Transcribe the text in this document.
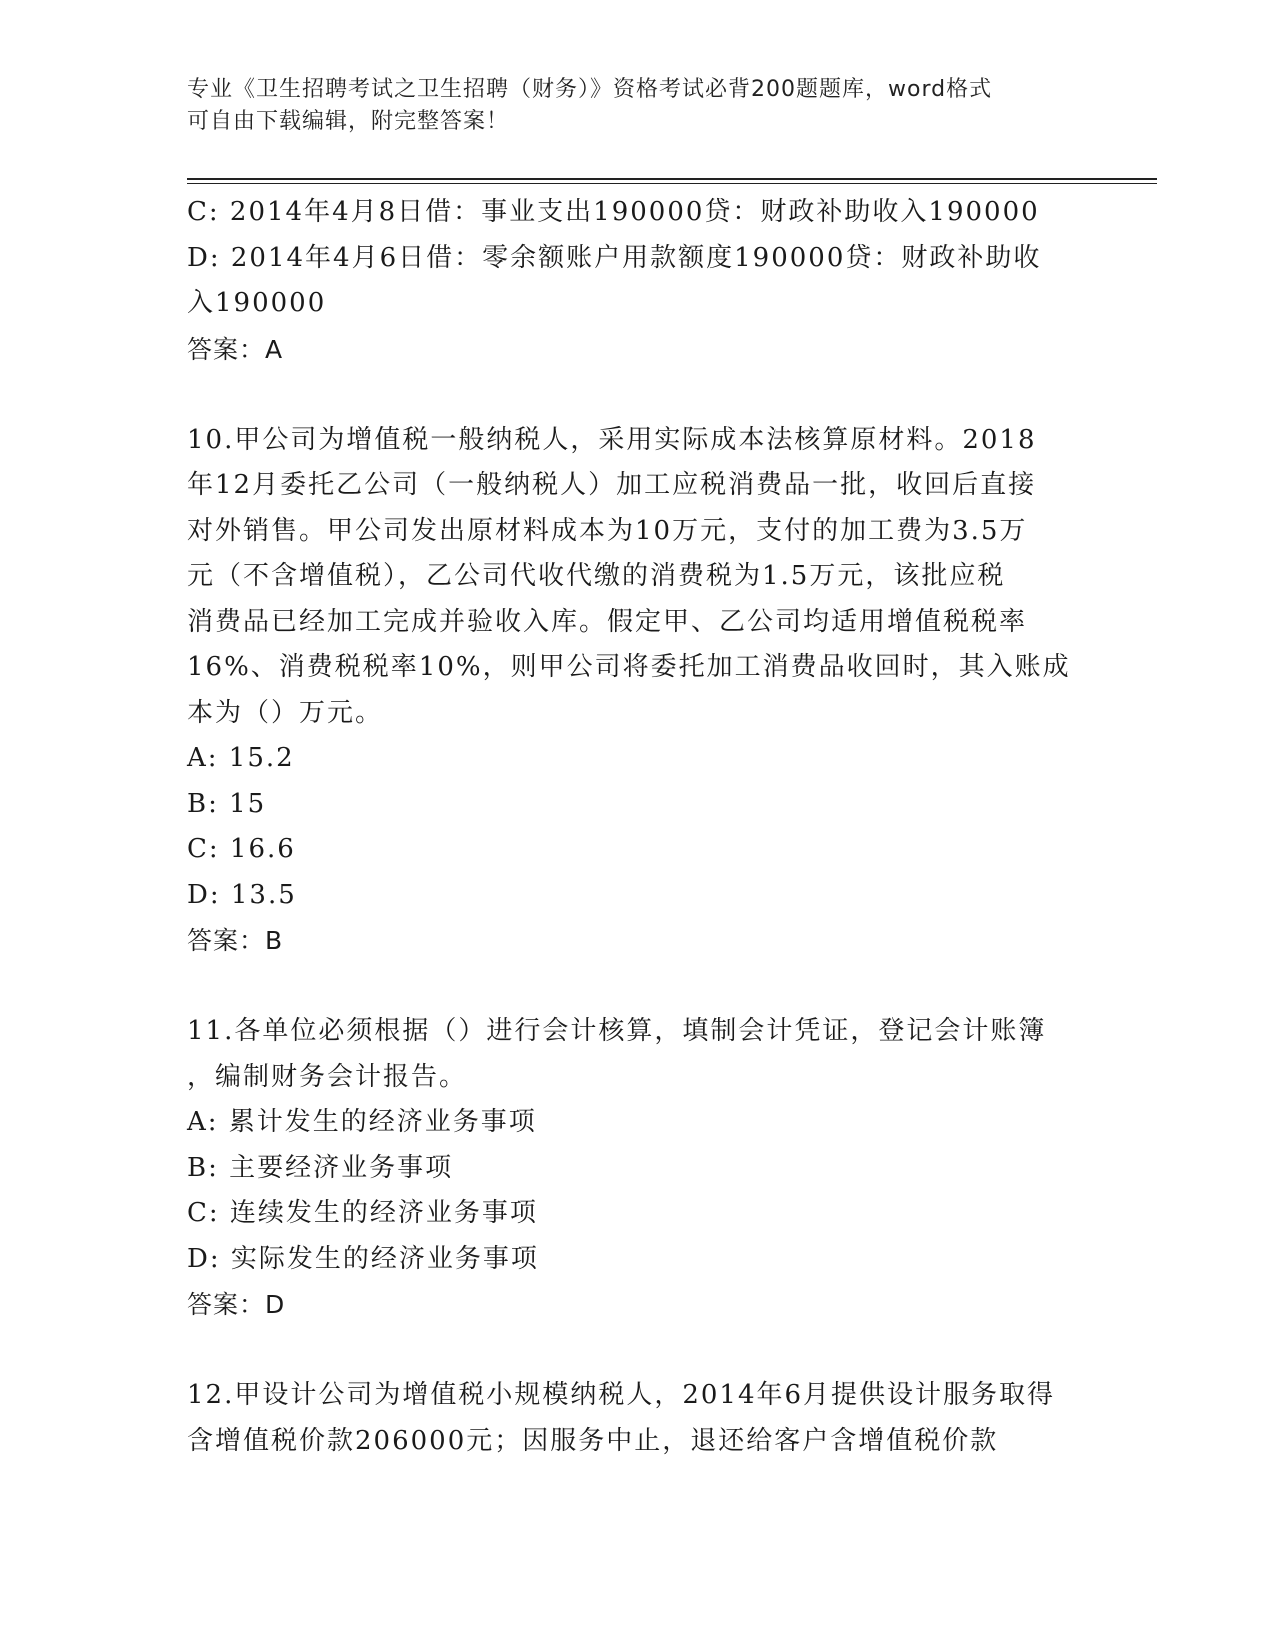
专业《卫生招聘考试之卫生招聘（财务）》资格考试必背200题题库，word格式
可自由下载编辑，附完整答案！
C: 2014年4月8日借：事业支出190000贷：财政补助收入190000
D: 2014年4月6日借：零余额账户用款额度190000贷：财政补助收
入190000
答案：A
10.甲公司为增值税一般纳税人，采用实际成本法核算原材料。2018
年12月委托乙公司（一般纳税人）加工应税消费品一批，收回后直接
对外销售。甲公司发出原材料成本为10万元，支付的加工费为3.5万
元（不含增值税），乙公司代收代缴的消费税为1.5万元，该批应税
消费品已经加工完成并验收入库。假定甲、乙公司均适用增值税税率
16%、消费税税率10%，则甲公司将委托加工消费品收回时，其入账成
本为（）万元。
A: 15.2
B: 15
C: 16.6
D: 13.5
答案：B
11.各单位必须根据（）进行会计核算，填制会计凭证，登记会计账簿
，编制财务会计报告。
A: 累计发生的经济业务事项
B: 主要经济业务事项
C: 连续发生的经济业务事项
D: 实际发生的经济业务事项
答案：D
12.甲设计公司为增值税小规模纳税人，2014年6月提供设计服务取得
含增值税价款206000元；因服务中止，退还给客户含增值税价款
